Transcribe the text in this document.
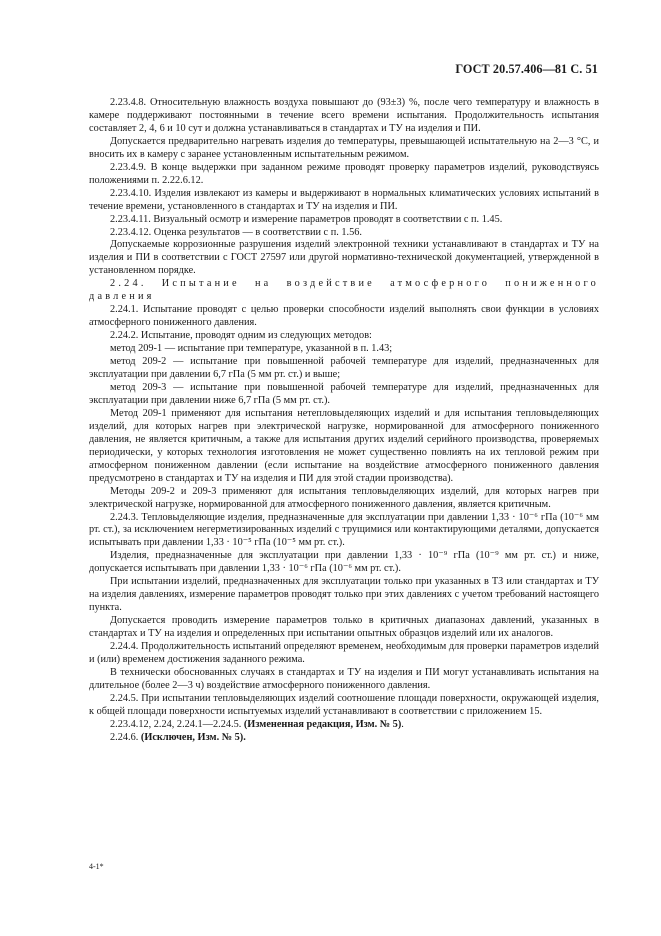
ГОСТ 20.57.406—81 С. 51

2.23.4.8. Относительную влажность воздуха повышают до (93±3) %, после чего температуру и влажность в камере поддерживают постоянными в течение всего времени испытания. Продолжительность испытания составляет 2, 4, 6 и 10 сут и должна устанавливаться в стандартах и ТУ на изделия и ПИ.

Допускается предварительно нагревать изделия до температуры, превышающей испытательную на 2—3 °С, и вносить их в камеру с заранее установленным испытательным режимом.

2.23.4.9. В конце выдержки при заданном режиме проводят проверку параметров изделий, руководствуясь положениями п. 2.22.6.12.

2.23.4.10. Изделия извлекают из камеры и выдерживают в нормальных климатических условиях испытаний в течение времени, установленного в стандартах и ТУ на изделия и ПИ.

2.23.4.11. Визуальный осмотр и измерение параметров проводят в соответствии с п. 1.45.

2.23.4.12. Оценка результатов — в соответствии с п. 1.56.

Допускаемые коррозионные разрушения изделий электронной техники устанавливают в стандартах и ТУ на изделия и ПИ в соответствии с ГОСТ 27597 или другой нормативно-технической документацией, утвержденной в установленном порядке.

2.24. Испытание на воздействие атмосферного пониженного давления

2.24.1. Испытание проводят с целью проверки способности изделий выполнять свои функции в условиях атмосферного пониженного давления.

2.24.2. Испытание, проводят одним из следующих методов:

метод 209-1 — испытание при температуре, указанной в п. 1.43;

метод 209-2 — испытание при повышенной рабочей температуре для изделий, предназначенных для эксплуатации при давлении 6,7 гПа (5 мм рт. ст.) и выше;

метод 209-3 — испытание при повышенной рабочей температуре для изделий, предназначенных для эксплуатации при давлении ниже 6,7 гПа (5 мм рт. ст.).

Метод 209-1 применяют для испытания нетепловыделяющих изделий и для испытания тепловыделяющих изделий, для которых нагрев при электрической нагрузке, нормированной для атмосферного пониженного давления, не является критичным, а также для испытания других изделий серийного производства, проверяемых периодически, у которых технология изготовления не может существенно повлиять на их тепловой режим при атмосферном пониженном давлении (если испытание на воздействие атмосферного пониженного давления предусмотрено в стандартах и ТУ на изделия и ПИ для этой стадии производства).

Методы 209-2 и 209-3 применяют для испытания тепловыделяющих изделий, для которых нагрев при электрической нагрузке, нормированной для атмосферного пониженного давления, является критичным.

2.24.3. Тепловыделяющие изделия, предназначенные для эксплуатации при давлении 1,33 · 10⁻⁶ гПа (10⁻⁶ мм рт. ст.), за исключением негерметизированных изделий с трущимися или контактирующими деталями, допускается испытывать при давлении 1,33 · 10⁻⁵ гПа (10⁻⁵ мм рт. ст.).

Изделия, предназначенные для эксплуатации при давлении 1,33 · 10⁻⁹ гПа (10⁻⁹ мм рт. ст.) и ниже, допускается испытывать при давлении 1,33 · 10⁻⁶ гПа (10⁻⁶ мм рт. ст.).

При испытании изделий, предназначенных для эксплуатации только при указанных в ТЗ или стандартах и ТУ на изделия давлениях, измерение параметров проводят только при этих давлениях с учетом требований настоящего пункта.

Допускается проводить измерение параметров только в критичных диапазонах давлений, указанных в стандартах и ТУ на изделия и определенных при испытании опытных образцов изделий или их аналогов.

2.24.4. Продолжительность испытаний определяют временем, необходимым для проверки параметров изделий и (или) временем достижения заданного режима.

В технически обоснованных случаях в стандартах и ТУ на изделия и ПИ могут устанавливать испытания на длительное (более 2—3 ч) воздействие атмосферного пониженного давления.

2.24.5. При испытании тепловыделяющих изделий соотношение площади поверхности, окружающей изделия, к общей площади поверхности испытуемых изделий устанавливают в соответствии с приложением 15.

2.23.4.12, 2.24, 2.24.1—2.24.5. (Измененная редакция, Изм. № 5).

2.24.6. (Исключен, Изм. № 5).

4-1*
